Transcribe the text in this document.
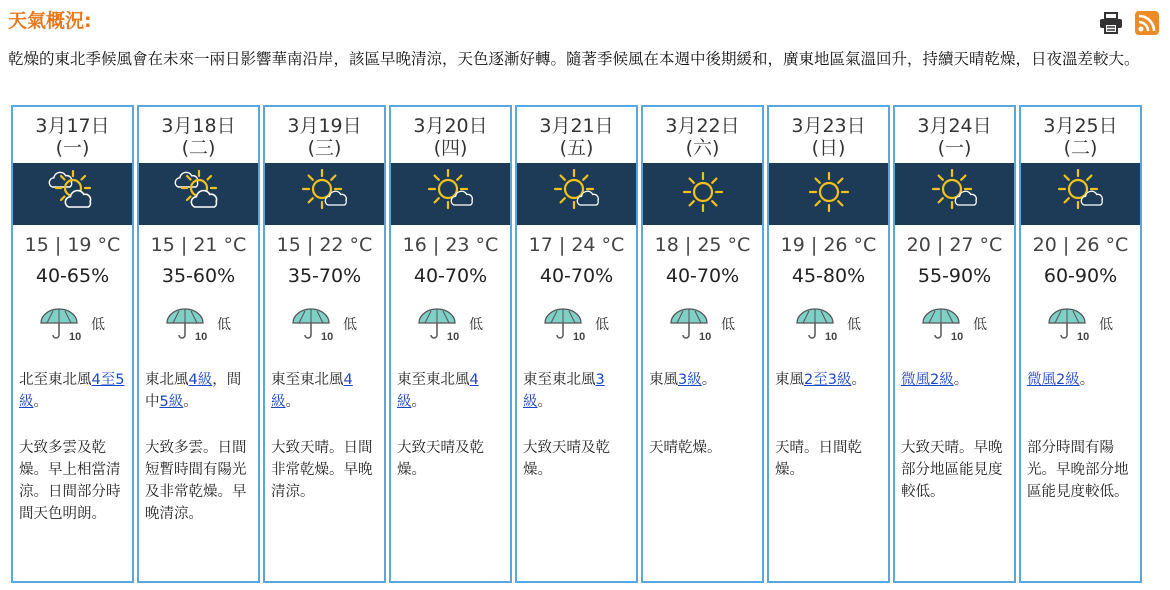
天氣概況:
乾燥的東北季候風會在未來一兩日影響華南沿岸，該區早晚清涼，天色逐漸好轉。隨著季候風在本週中後期緩和，廣東地區氣溫回升，持續天晴乾燥，日夜溫差較大。
3月17日
(一)
15 | 19 °C
40-65%
10
低
北至東北風4至5級。
大致多雲及乾燥。早上相當清涼。日間部分時間天色明朗。
3月18日
(二)
15 | 21 °C
35-60%
10
低
東北風4級，間中5級。
大致多雲。日間短暫時間有陽光及非常乾燥。早晚清涼。
3月19日
(三)
15 | 22 °C
35-70%
10
低
東至東北風4級。
大致天晴。日間非常乾燥。早晚清涼。
3月20日
(四)
16 | 23 °C
40-70%
10
低
東至東北風4級。
大致天晴及乾燥。
3月21日
(五)
17 | 24 °C
40-70%
10
低
東至東北風3級。
大致天晴及乾燥。
3月22日
(六)
18 | 25 °C
40-70%
10
低
東風3級。
天晴乾燥。
3月23日
(日)
19 | 26 °C
45-80%
10
低
東風2至3級。
天晴。日間乾燥。
3月24日
(一)
20 | 27 °C
55-90%
10
低
微風2級。
大致天晴。早晚部分地區能見度較低。
3月25日
(二)
20 | 26 °C
60-90%
10
低
微風2級。
部分時間有陽光。早晚部分地區能見度較低。
